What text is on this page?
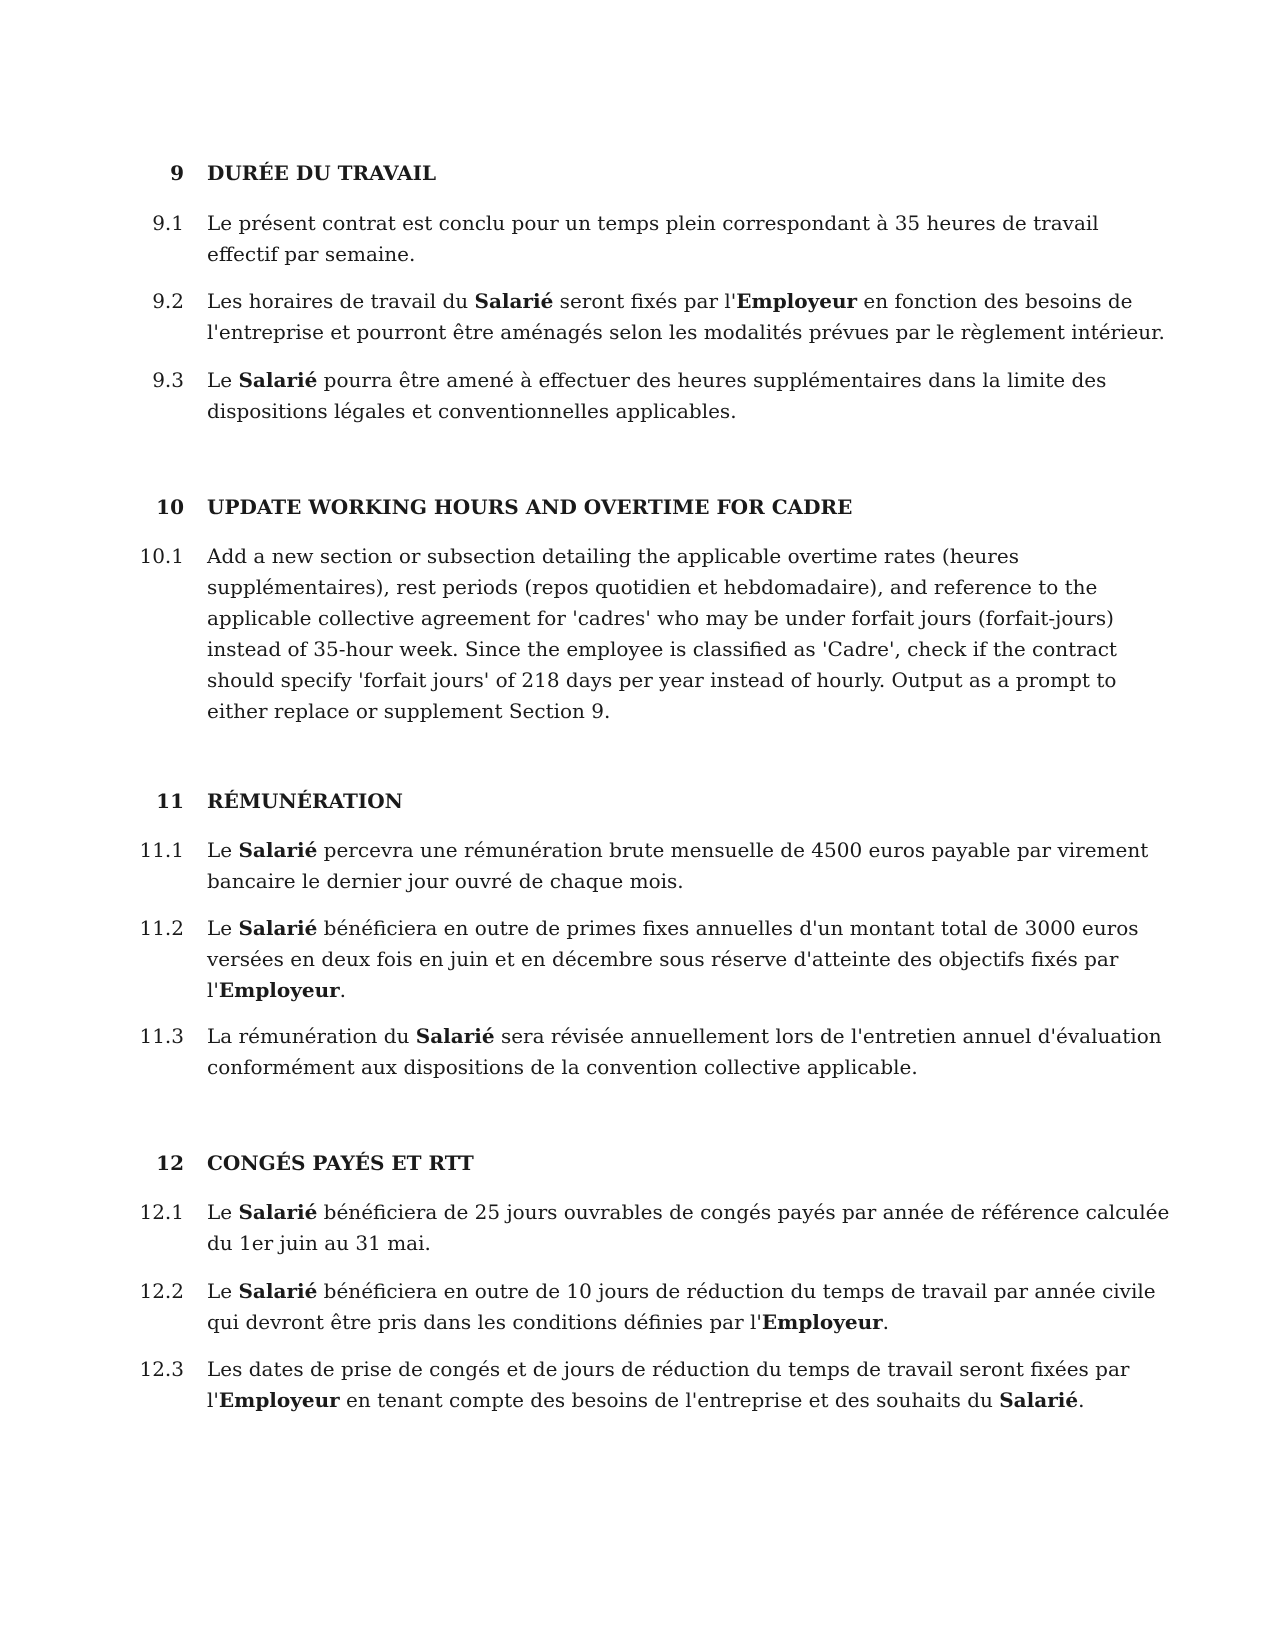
9 DURÉE DU TRAVAIL
9.1 Le présent contrat est conclu pour un temps plein correspondant à 35 heures de travail
effectif par semaine.
9.2 Les horaires de travail du Salarié seront fixés par l'Employeur en fonction des besoins de
l'entreprise et pourront être aménagés selon les modalités prévues par le règlement intérieur.
9.3 Le Salarié pourra être amené à effectuer des heures supplémentaires dans la limite des
dispositions légales et conventionnelles applicables.
10 UPDATE WORKING HOURS AND OVERTIME FOR CADRE
10.1 Add a new section or subsection detailing the applicable overtime rates (heures
supplémentaires), rest periods (repos quotidien et hebdomadaire), and reference to the
applicable collective agreement for 'cadres' who may be under forfait jours (forfait-jours)
instead of 35-hour week. Since the employee is classified as 'Cadre', check if the contract
should specify 'forfait jours' of 218 days per year instead of hourly. Output as a prompt to
either replace or supplement Section 9.
11 RÉMUNÉRATION
11.1 Le Salarié percevra une rémunération brute mensuelle de 4500 euros payable par virement
bancaire le dernier jour ouvré de chaque mois.
11.2 Le Salarié bénéficiera en outre de primes fixes annuelles d'un montant total de 3000 euros
versées en deux fois en juin et en décembre sous réserve d'atteinte des objectifs fixés par
l'Employeur.
11.3 La rémunération du Salarié sera révisée annuellement lors de l'entretien annuel d'évaluation
conformément aux dispositions de la convention collective applicable.
12 CONGÉS PAYÉS ET RTT
12.1 Le Salarié bénéficiera de 25 jours ouvrables de congés payés par année de référence calculée
du 1er juin au 31 mai.
12.2 Le Salarié bénéficiera en outre de 10 jours de réduction du temps de travail par année civile
qui devront être pris dans les conditions définies par l'Employeur.
12.3 Les dates de prise de congés et de jours de réduction du temps de travail seront fixées par
l'Employeur en tenant compte des besoins de l'entreprise et des souhaits du Salarié.
